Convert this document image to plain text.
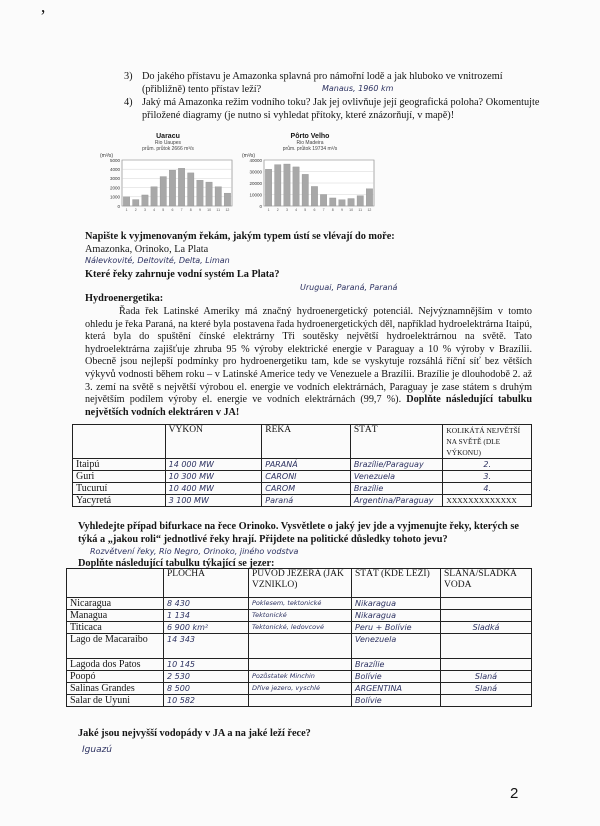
ʼ
3) Do jakého přístavu je Amazonka splavná pro námořní lodě a jak hluboko ve vnitrozemí (přibližně) tento přístav leží?	Manaus, 1960 km
4) Jaký má Amazonka režim vodního toku? Jak jej ovlivňuje její geografická poloha? Okomentujte přiložené diagramy (je nutno si vyhledat přítoky, které znázorňují, v mapě)!
Uaracu
Rio Uaupes
prům. průtok 2666 m³/s
(m³/s)
5000
4000
3000
2000
1000
0
1 2 3 4 5 6 7 8 9 10 11 12
Pôrto Velho
Rio Madeira
prům. průtok 19734 m³/s
(m³/s)
40000
30000
20000
10000
0
1 2 3 4 5 6 7 8 9 10 11 12
Napište k vyjmenovaným řekám, jakým typem ústí se vlévají do moře:
Amazonka, Orinoko, La Plata
Nálevkovité, Deltovité, Delta, Liman
Které řeky zahrnuje vodní systém La Plata?
Uruguai, Paraná, Paraná
Hydroenergetika:
Řada řek Latinské Ameriky má značný hydroenergetický potenciál. Nejvýznamnějším v tomto ohledu je řeka Paraná, na které byla postavena řada hydroenergetických děl, například hydroelektrárna Itaipú, která byla do spuštění čínské elektrárny Tři soutěsky největší hydroelektrárnou na světě. Tato hydroelektrárna zajišťuje zhruba 95 % výroby elektrické energie v Paraguay a 10 % výroby v Brazílii. Obecně jsou nejlepší podmínky pro hydroenergetiku tam, kde se vyskytuje rozsáhlá říční síť bez větších výkyvů vodnosti během roku – v Latinské Americe tedy ve Venezuele a Brazílii. Brazílie je dlouhodobě 2. až 3. zemí na světě s největší výrobou el. energie ve vodních elektrárnách, Paraguay je zase státem s druhým největším podílem výroby el. energie ve vodních elektrárnách (99,7 %). Doplňte následující tabulku největších vodních elektráren v JA!
	VÝKON	ŘEKA	STÁT	KOLIKÁTÁ NEJVĚTŠÍ NA SVĚTĚ (DLE VÝKONU)
Itaipú	14 000 MW	PARANÁ	Brazílie/Paraguay	2.
Guri	10 300 MW	CARONI	Venezuela	3.
Tucuruí	10 400 MW	CAROM	Brazílie	4.
Yacyretá	3 100 MW	Paraná	Argentina/Paraguay	XXXXXXXXXXXXX
Vyhledejte případ bifurkace na řece Orinoko. Vysvětlete o jaký jev jde a vyjmenujte řeky, kterých se týká a „jakou roli“ jednotlivé řeky hrají. Přijdete na politické důsledky tohoto jevu?
Rozvětvení řeky, Rio Negro, Orinoko, jiného vodstva
Doplňte následující tabulku týkající se jezer:
	PLOCHA	PŮVOD JEZERA (JAK VZNIKLO)	STÁT (KDE LEŽÍ)	SLANÁ/SLADKÁ VODA
Nicaragua	8 430	Poklesem, tektonické	Nikaragua	
Managua	1 134	Tektonické	Nikaragua	
Titicaca	6 900 km²	Tektonické, ledovcové	Peru + Bolívie	Sladká
Lago de Macaraibo	14 343		Venezuela	
Lagoda dos Patos	10 145		Brazílie	
Poopó	2 530	Pozůstatek Minchin	Bolívie	Slaná
Salinas Grandes	8 500	Dříve jezero, vyschlé	ARGENTINA	Slaná
Salar de Uyuni	10 582		Bolívie	
Jaké jsou nejvyšší vodopády v JA a na jaké leží řece?
Iguazú
2
